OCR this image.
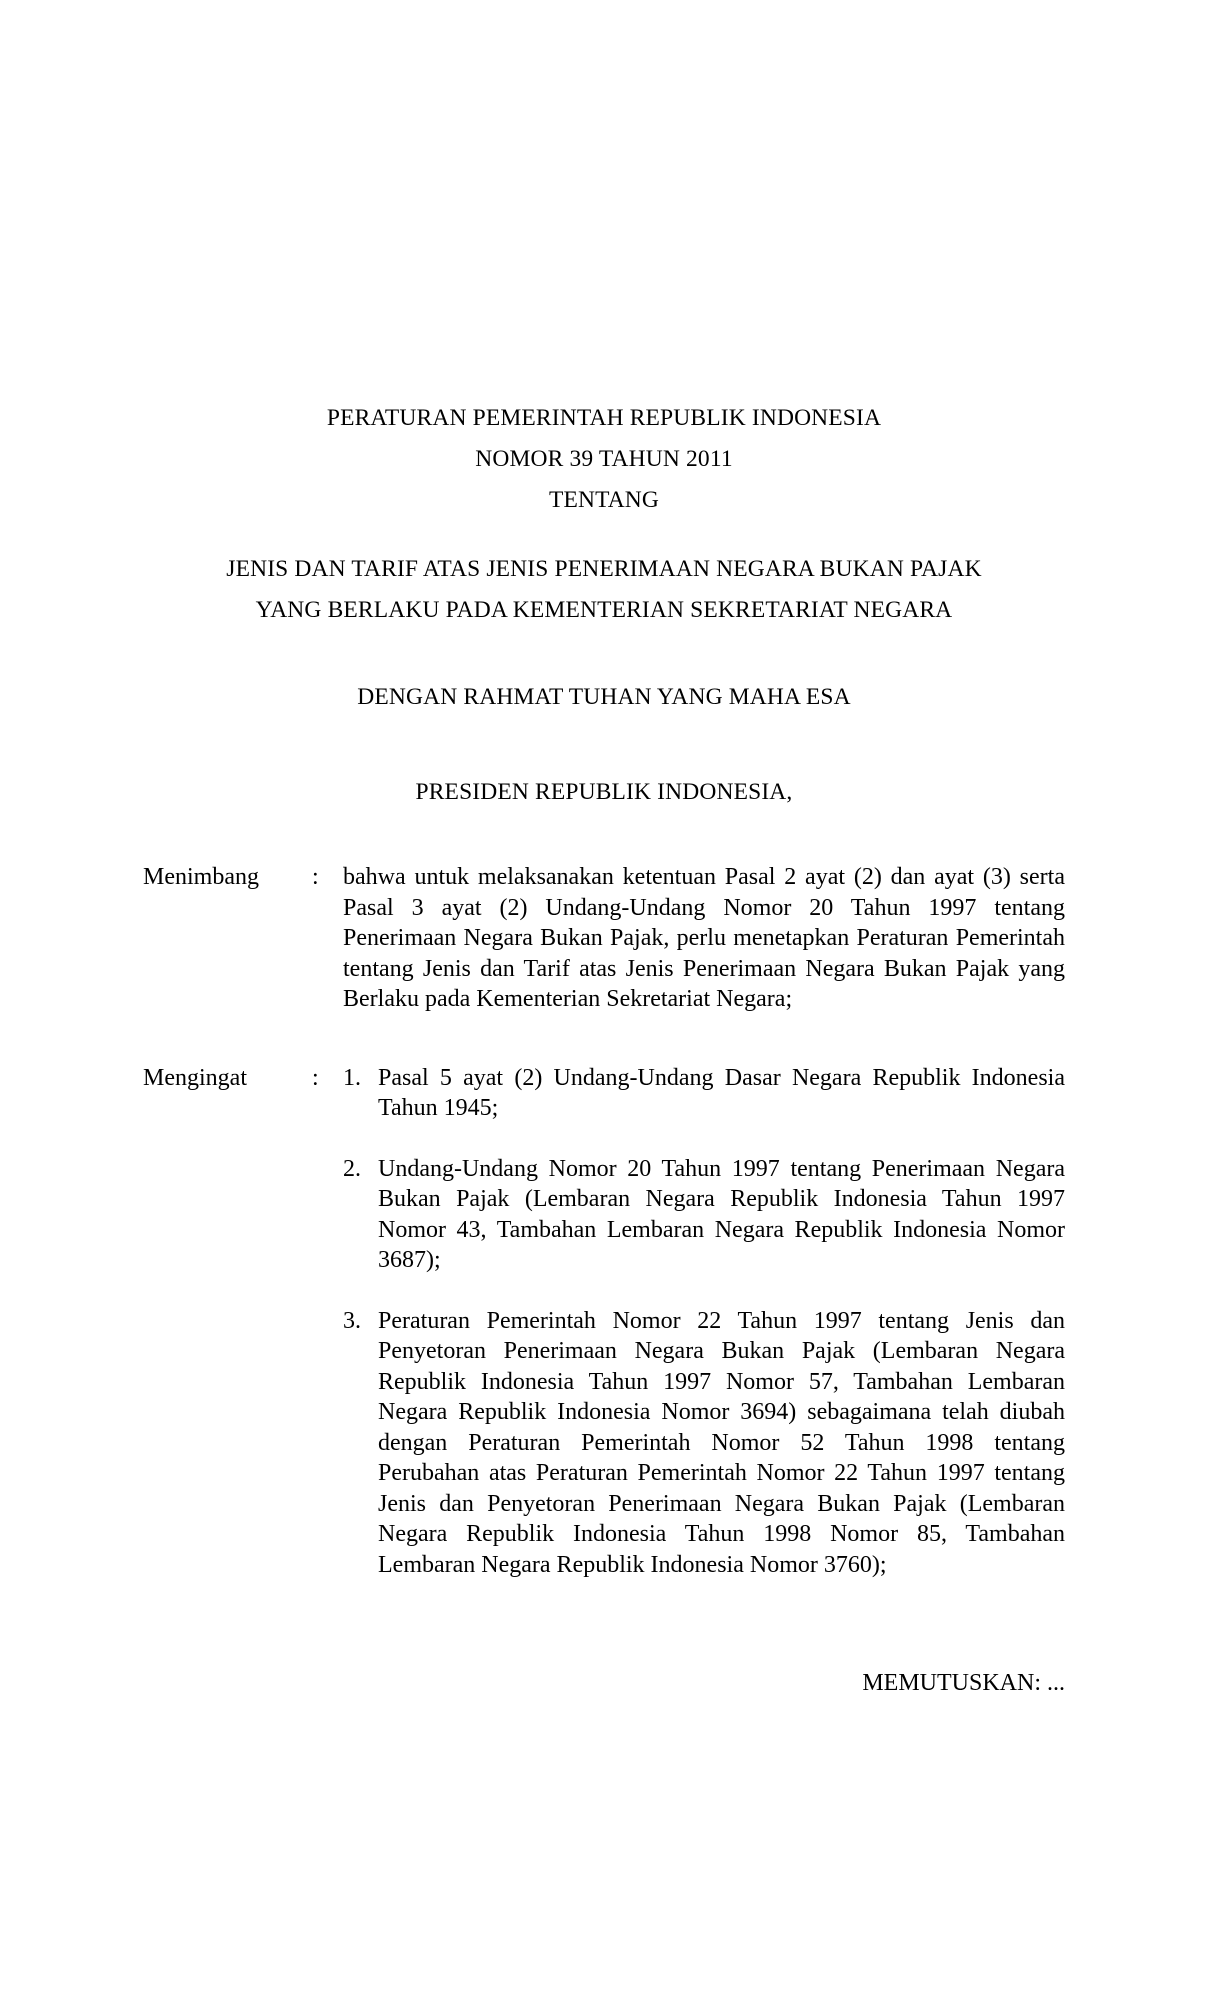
PERATURAN PEMERINTAH REPUBLIK INDONESIA
NOMOR 39 TAHUN 2011
TENTANG
JENIS DAN TARIF ATAS JENIS PENERIMAAN NEGARA BUKAN PAJAK
YANG BERLAKU PADA KEMENTERIAN SEKRETARIAT NEGARA
DENGAN RAHMAT TUHAN YANG MAHA ESA
PRESIDEN REPUBLIK INDONESIA,
Menimbang	:	bahwa untuk melaksanakan ketentuan Pasal 2 ayat (2) dan ayat (3) serta Pasal 3 ayat (2) Undang-Undang Nomor 20 Tahun 1997 tentang Penerimaan Negara Bukan Pajak, perlu menetapkan Peraturan Pemerintah tentang Jenis dan Tarif atas Jenis Penerimaan Negara Bukan Pajak yang Berlaku pada Kementerian Sekretariat Negara;

Mengingat	:	1. Pasal 5 ayat (2) Undang-Undang Dasar Negara Republik Indonesia Tahun 1945;
2. Undang-Undang Nomor 20 Tahun 1997 tentang Penerimaan Negara Bukan Pajak (Lembaran Negara Republik Indonesia Tahun 1997 Nomor 43, Tambahan Lembaran Negara Republik Indonesia Nomor 3687);
3. Peraturan Pemerintah Nomor 22 Tahun 1997 tentang Jenis dan Penyetoran Penerimaan Negara Bukan Pajak (Lembaran Negara Republik Indonesia Tahun 1997 Nomor 57, Tambahan Lembaran Negara Republik Indonesia Nomor 3694) sebagaimana telah diubah dengan Peraturan Pemerintah Nomor 52 Tahun 1998 tentang Perubahan atas Peraturan Pemerintah Nomor 22 Tahun 1997 tentang Jenis dan Penyetoran Penerimaan Negara Bukan Pajak (Lembaran Negara Republik Indonesia Tahun 1998 Nomor 85, Tambahan Lembaran Negara Republik Indonesia Nomor 3760);
MEMUTUSKAN: ...
